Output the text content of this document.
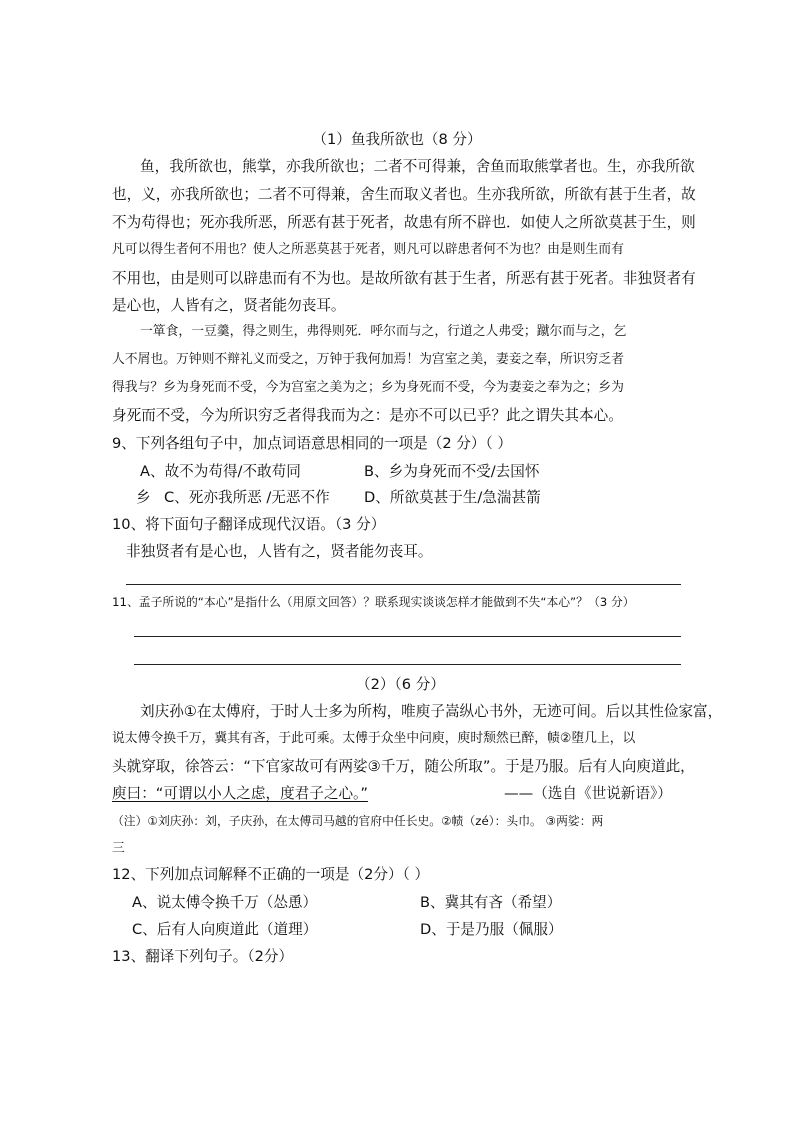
（1）鱼我所欲也（8 分）
鱼，我所欲也，熊掌，亦我所欲也；二者不可得兼，舍鱼而取熊掌者也。生，亦我所欲
也，义，亦我所欲也；二者不可得兼，舍生而取义者也。生亦我所欲，所欲有甚于生者，故
不为苟得也；死亦我所恶，所恶有甚于死者，故患有所不辟也．如使人之所欲莫甚于生，则
凡可以得生者何不用也？使人之所恶莫甚于死者，则凡可以辟患者何不为也？由是则生而有
不用也，由是则可以辟患而有不为也。是故所欲有甚于生者，所恶有甚于死者。非独贤者有
是心也，人皆有之，贤者能勿丧耳。
一箪食，一豆羹，得之则生，弗得则死．呼尔而与之，行道之人弗受；蹴尔而与之，乞
人不屑也。万钟则不辩礼义而受之，万钟于我何加焉！为宫室之美，妻妾之奉，所识穷乏者
得我与？乡为身死而不受，今为宫室之美为之；乡为身死而不受，今为妻妾之奉为之；乡为
身死而不受，今为所识穷乏者得我而为之：是亦不可以已乎？此之谓失其本心。
9、下列各组句子中，加点词语意思相同的一项是（2 分）（ ）
A、故不为苟得/不敢苟同	B、乡为身死而不受/去国怀
乡 C、死亦我所恶 /无恶不作 D、所欲莫甚于生/急湍甚箭
10、将下面句子翻译成现代汉语。（3 分）
非独贤者有是心也，人皆有之，贤者能勿丧耳。
11、孟子所说的“本心”是指什么（用原文回答）？联系现实谈谈怎样才能做到不失“本心”？（3 分）
（2）（6 分）
刘庆孙①在太傅府，于时人士多为所构，唯庾子嵩纵心书外，无迹可间。后以其性俭家富，
说太傅令换千万，冀其有吝，于此可乘。太傅于众坐中问庾，庾时颓然已醉，帻②堕几上，以
头就穿取，徐答云：“下官家故可有两娑③千万，随公所取”。于是乃服。后有人向庾道此，
庾曰：“可谓以小人之虑，度君子之心。”	——（选自《世说新语》）
（注）①刘庆孙：刘，子庆孙，在太傅司马越的官府中任长史。②帻（zé）：头巾。 ③两娑：两
三
12、下列加点词解释不正确的一项是（2分）（ ）
A、说太傅令换千万（怂恿）	B、冀其有吝（希望）
C、后有人向庾道此（道理）	D、于是乃服（佩服）
13、翻译下列句子。（2分）
